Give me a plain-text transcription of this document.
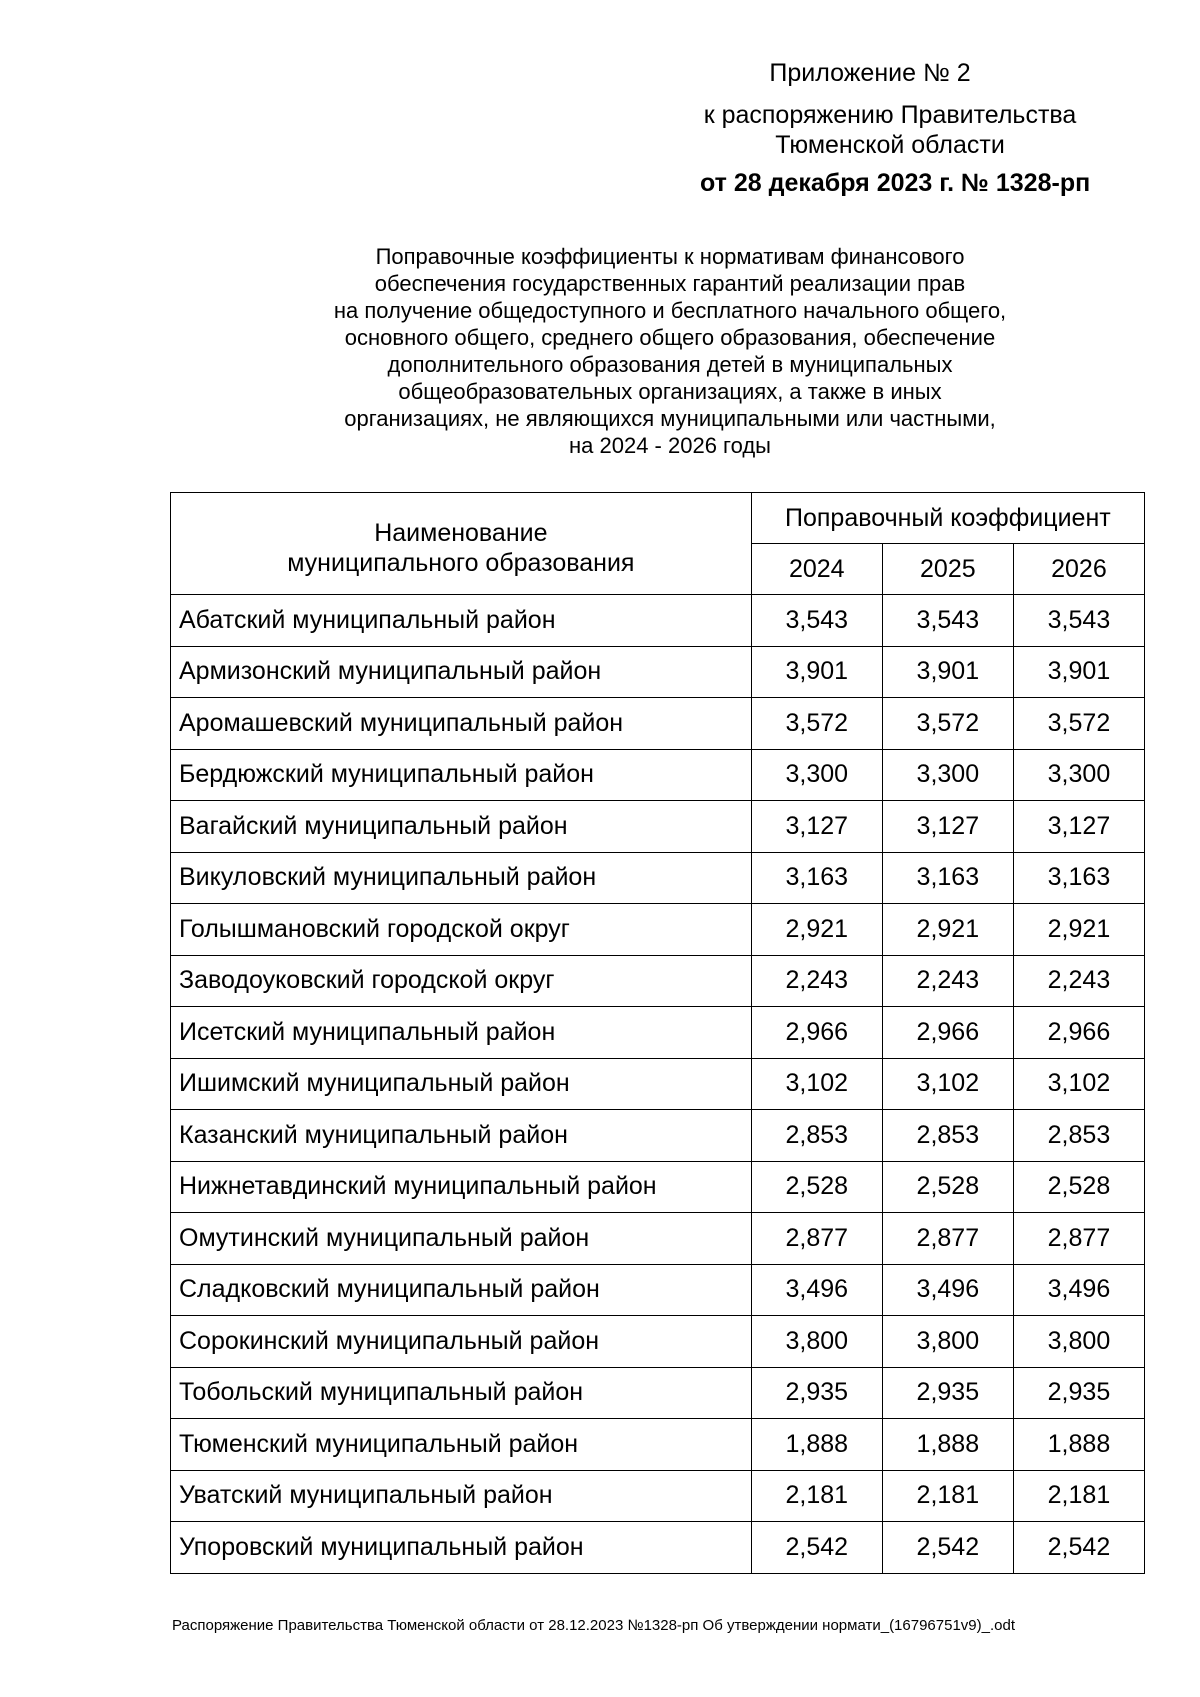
Приложение № 2
к распоряжению Правительства
Тюменской области
от 28 декабря 2023 г. № 1328-рп
Поправочные коэффициенты к нормативам финансового
обеспечения государственных гарантий реализации прав
на получение общедоступного и бесплатного начального общего,
основного общего, среднего общего образования, обеспечение
дополнительного образования детей в муниципальных
общеобразовательных организациях, а также в иных
организациях, не являющихся муниципальными или частными,
на 2024 - 2026 годы
Наименование
муниципального образования	Поправочный коэффициент		
	2024	2025	2026
Абатский муниципальный район	3,543	3,543	3,543
Армизонский муниципальный район	3,901	3,901	3,901
Аромашевский муниципальный район	3,572	3,572	3,572
Бердюжский муниципальный район	3,300	3,300	3,300
Вагайский муниципальный район	3,127	3,127	3,127
Викуловский муниципальный район	3,163	3,163	3,163
Голышмановский городской округ	2,921	2,921	2,921
Заводоуковский городской округ	2,243	2,243	2,243
Исетский муниципальный район	2,966	2,966	2,966
Ишимский муниципальный район	3,102	3,102	3,102
Казанский муниципальный район	2,853	2,853	2,853
Нижнетавдинский муниципальный район	2,528	2,528	2,528
Омутинский муниципальный район	2,877	2,877	2,877
Сладковский муниципальный район	3,496	3,496	3,496
Сорокинский муниципальный район	3,800	3,800	3,800
Тобольский муниципальный район	2,935	2,935	2,935
Тюменский муниципальный район	1,888	1,888	1,888
Уватский муниципальный район	2,181	2,181	2,181
Упоровский муниципальный район	2,542	2,542	2,542
Распоряжение Правительства Тюменской области от 28.12.2023 №1328-рп Об утверждении нормати_(16796751v9)_.odt
